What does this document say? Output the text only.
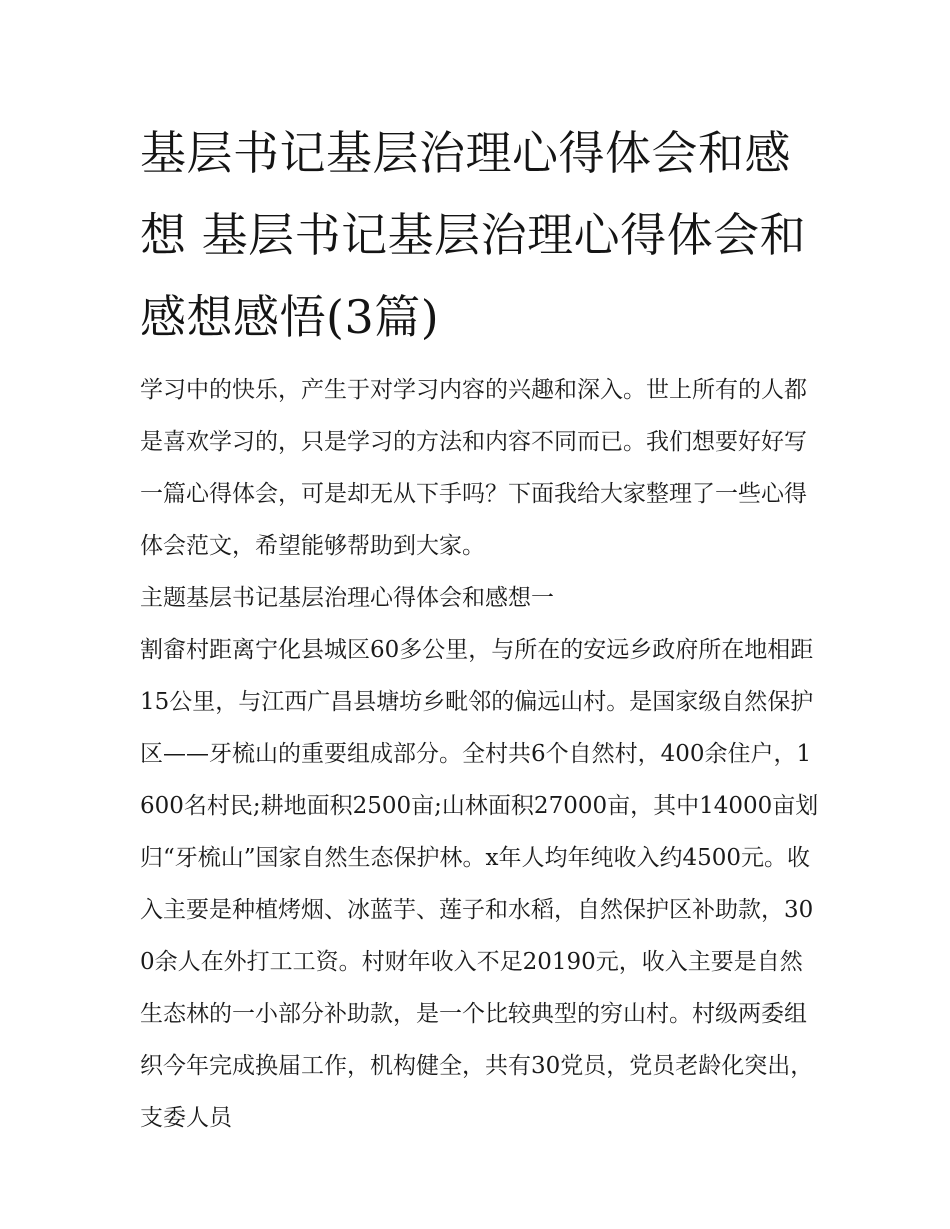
基层书记基层治理心得体会和感想 基层书记基层治理心得体会和感想感悟(3篇)

学习中的快乐，产生于对学习内容的兴趣和深入。世上所有的人都是喜欢学习的，只是学习的方法和内容不同而已。我们想要好好写一篇心得体会，可是却无从下手吗？下面我给大家整理了一些心得体会范文，希望能够帮助到大家。

主题基层书记基层治理心得体会和感想一

割畲村距离宁化县城区60多公里，与所在的安远乡政府所在地相距15公里，与江西广昌县塘坊乡毗邻的偏远山村。是国家级自然保护区——牙梳山的重要组成部分。全村共6个自然村，400余住户，1600名村民;耕地面积2500亩;山林面积27000亩，其中14000亩划归“牙梳山”国家自然生态保护林。x年人均年纯收入约4500元。收入主要是种植烤烟、冰蓝芋、莲子和水稻，自然保护区补助款，300余人在外打工工资。村财年收入不足20190元，收入主要是自然生态林的一小部分补助款，是一个比较典型的穷山村。村级两委组织今年完成换届工作，机构健全，共有30党员，党员老龄化突出，支委人员
